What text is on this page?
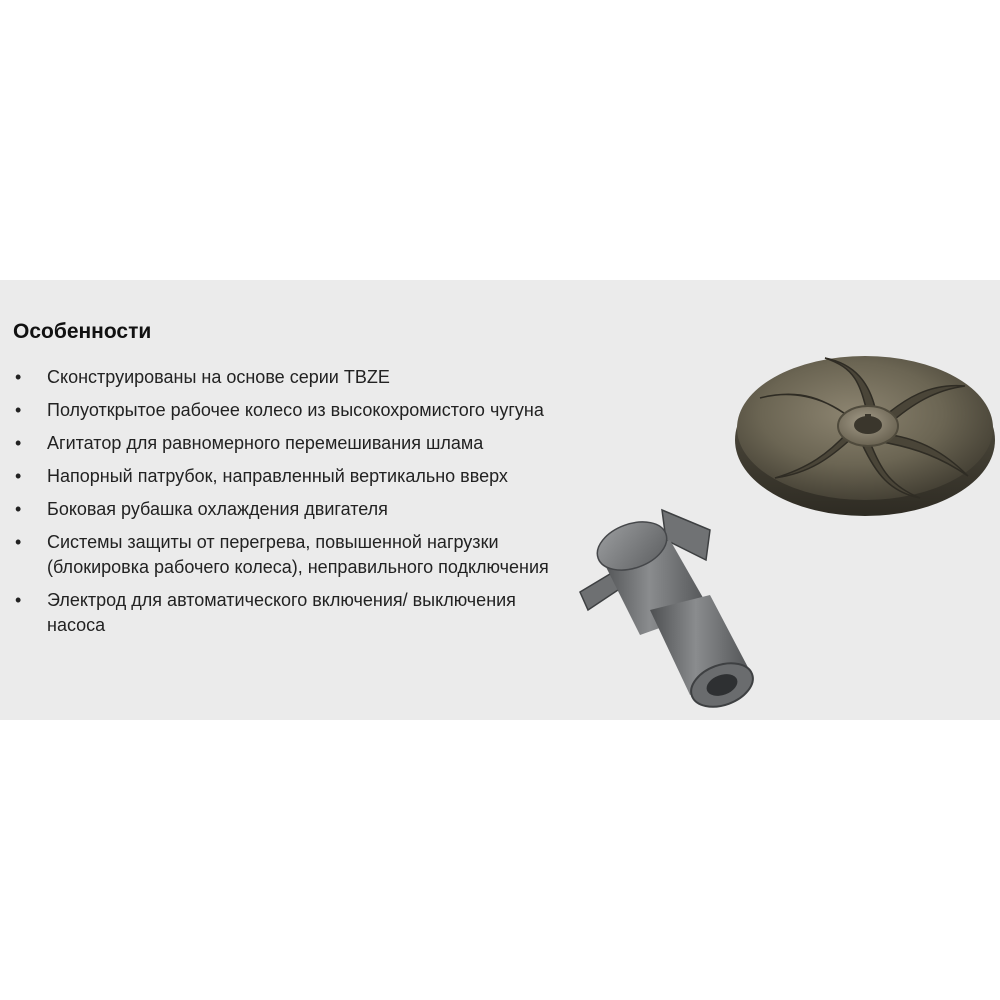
Особенности
• Сконструированы на основе серии TBZE
• Полуоткрытое рабочее колесо из высокохромистого чугуна
• Агитатор для равномерного перемешивания шлама
• Напорный патрубок, направленный вертикально вверх
• Боковая рубашка охлаждения двигателя
• Системы защиты от перегрева, повышенной нагрузки (блокировка рабочего колеса), неправильного подключения
• Электрод для автоматического включения/ выключения насоса
